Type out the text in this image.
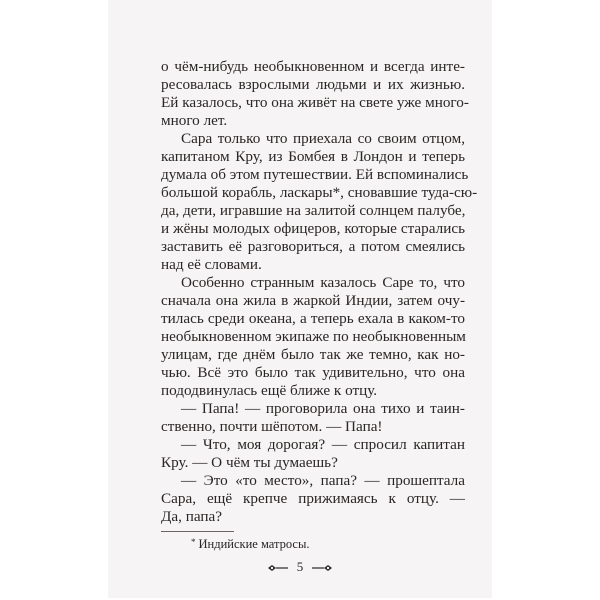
о чём-нибудь необыкновенном и всегда инте-
ресовалась взрослыми людьми и их жизнью.
Ей казалось, что она живёт на свете уже много-
много лет.
Сара только что приехала со своим отцом,
капитаном Кру, из Бомбея в Лондон и теперь
думала об этом путешествии. Ей вспоминались
большой корабль, ласкары*, сновавшие туда-сю-
да, дети, игравшие на залитой солнцем палубе,
и жёны молодых офицеров, которые старались
заставить её разговориться, а потом смеялись
над её словами.
Особенно странным казалось Саре то, что
сначала она жила в жаркой Индии, затем очу-
тилась среди океана, а теперь ехала в каком-то
необыкновенном экипаже по необыкновенным
улицам, где днём было так же темно, как но-
чью. Всё это было так удивительно, что она
пододвинулась ещё ближе к отцу.
— Папа! — проговорила она тихо и таин-
ственно, почти шёпотом. — Папа!
— Что, моя дорогая? — спросил капитан
Кру. — О чём ты думаешь?
— Это «то место», папа? — прошептала
Сара, ещё крепче прижимаясь к отцу. —
Да, папа?
* Индийские матросы.
5
